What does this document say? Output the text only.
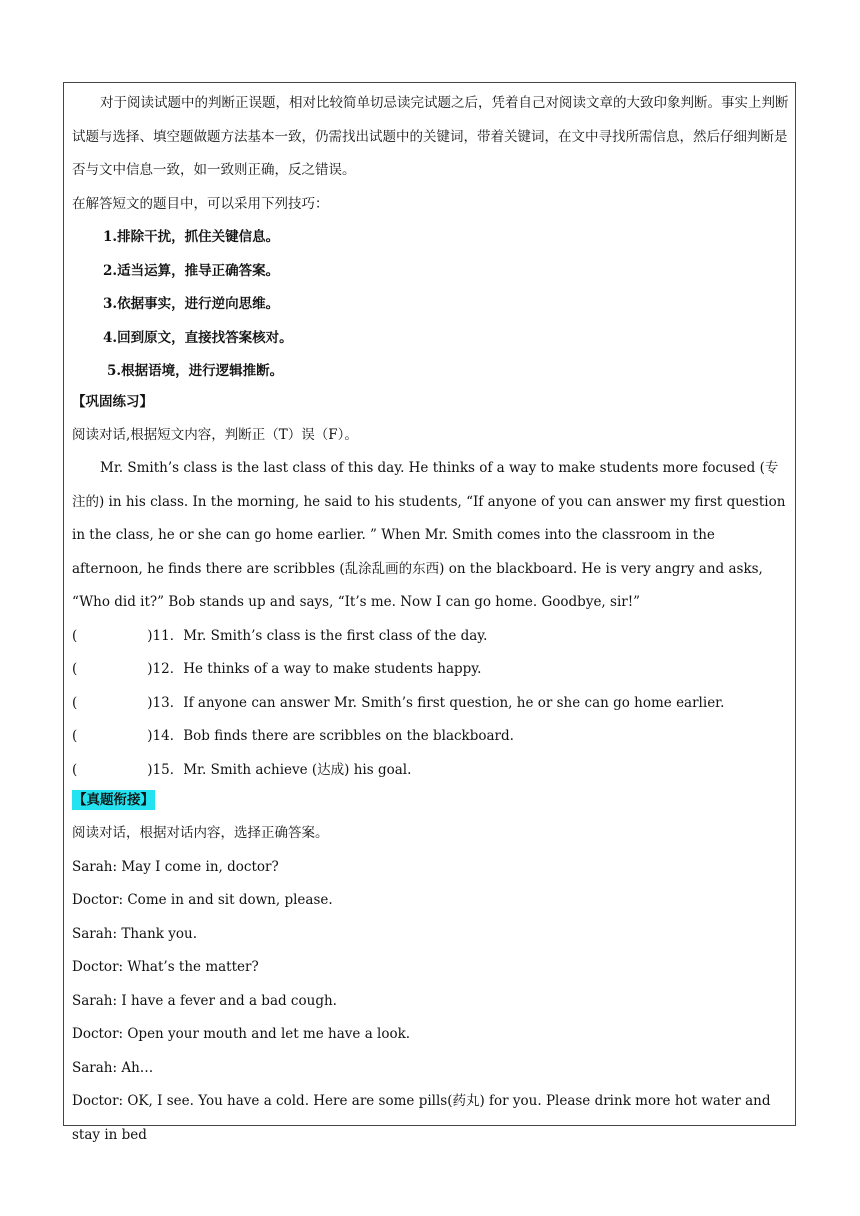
对于阅读试题中的判断正误题，相对比较简单切忌读完试题之后，凭着自己对阅读文章的大致印象判断。事实上判断试题与选择、填空题做题方法基本一致，仍需找出试题中的关键词，带着关键词，在文中寻找所需信息，然后仔细判断是否与文中信息一致，如一致则正确，反之错误。

在解答短文的题目中，可以采用下列技巧：

1.排除干扰，抓住关键信息。

2.适当运算，推导正确答案。

3.依据事实，进行逆向思维。

4.回到原文，直接找答案核对。

5.根据语境，进行逻辑推断。

【巩固练习】

阅读对话,根据短文内容，判断正（T）误（F）。

Mr. Smith’s class is the last class of this day. He thinks of a way to make students more focused (专注的) in his class. In the morning, he said to his students, “If anyone of you can answer my first question in the class, he or she can go home earlier. ” When Mr. Smith comes into the classroom in the afternoon, he finds there are scribbles (乱涂乱画的东西) on the blackboard. He is very angry and asks, “Who did it?” Bob stands up and says, “It’s me. Now I can go home. Goodbye, sir!”

(	)11．Mr. Smith’s class is the first class of the day.

(	)12．He thinks of a way to make students happy.

(	)13．If anyone can answer Mr. Smith’s first question, he or she can go home earlier.

(	)14．Bob finds there are scribbles on the blackboard.

(	)15．Mr. Smith achieve (达成) his goal.

【真题衔接】

阅读对话，根据对话内容，选择正确答案。

Sarah: May I come in, doctor?

Doctor: Come in and sit down, please.

Sarah: Thank you.

Doctor: What’s the matter?

Sarah: I have a fever and a bad cough.

Doctor: Open your mouth and let me have a look.

Sarah: Ah…

Doctor: OK, I see. You have a cold. Here are some pills(药丸) for you. Please drink more hot water and stay in bed
